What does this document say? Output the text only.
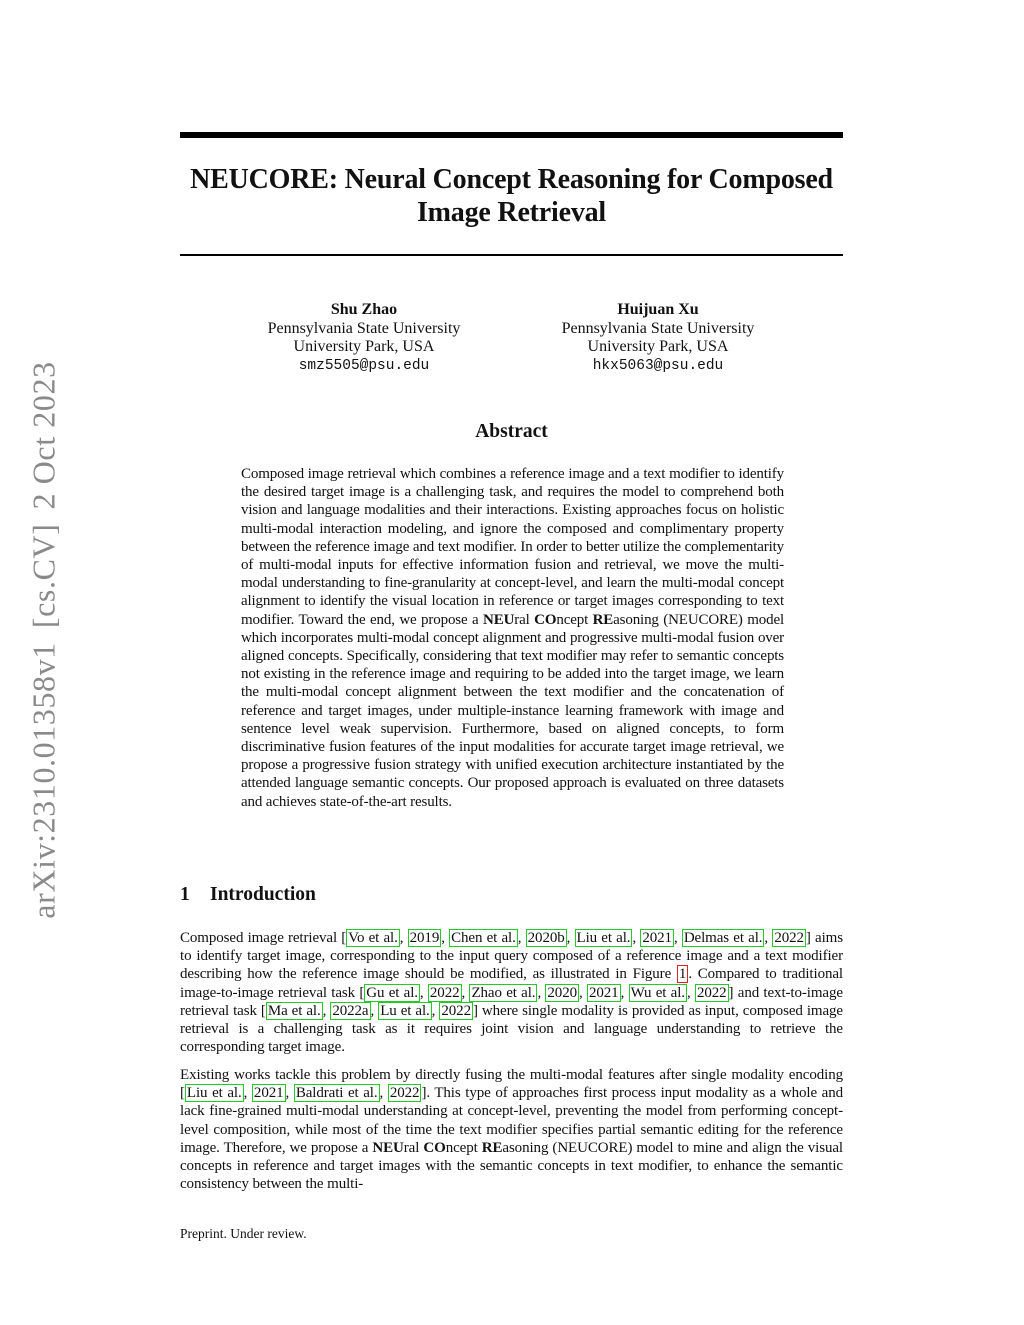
NEUCORE: Neural Concept Reasoning for Composed
Image Retrieval
arXiv:2310.01358v1[cs.CV]2 Oct 2023
Shu Zhao
Pennsylvania State University
University Park, USA
smz5505@psu.edu
Huijuan Xu
Pennsylvania State University
University Park, USA
hkx5063@psu.edu
Abstract

Composed image retrieval which combines a reference image and a text modifier to identify the desired target image is a challenging task, and requires the model to comprehend both vision and language modalities and their interactions. Existing approaches focus on holistic multi-modal interaction modeling, and ignore the composed and complimentary property between the reference image and text modifier. In order to better utilize the complementarity of multi-modal inputs for effective information fusion and retrieval, we move the multi-modal understanding to fine-granularity at concept-level, and learn the multi-modal concept alignment to identify the visual location in reference or target images corresponding to text modifier. Toward the end, we propose a NEUral COncept REasoning (NEUCORE) model which incorporates multi-modal concept alignment and progressive multi-modal fusion over aligned concepts. Specifically, considering that text modifier may refer to semantic concepts not existing in the reference image and requiring to be added into the target image, we learn the multi-modal concept alignment between the text modifier and the concatenation of reference and target images, under multiple-instance learning framework with image and sentence level weak supervision. Furthermore, based on aligned concepts, to form discriminative fusion features of the input modalities for accurate target image retrieval, we propose a progressive fusion strategy with unified execution architecture instantiated by the attended language semantic concepts. Our proposed approach is evaluated on three datasets and achieves state-of-the-art results.

1 Introduction

Composed image retrieval [ Vo et al. , 2019 , Chen et al. , 2020b , Liu et al. , 2021 , Delmas et al. , 2022 ] aims to identify target image, corresponding to the input query composed of a reference image and a text modifier describing how the reference image should be modified, as illustrated in Figure 1 . Compared to traditional image-to-image retrieval task [ Gu et al. , 2022 , Zhao et al. , 2020 , 2021 , Wu et al. , 2022 ] and text-to-image retrieval task [ Ma et al. , 2022a , Lu et al. , 2022 ] where single modality is provided as input, composed image retrieval is a challenging task as it requires joint vision and language understanding to retrieve the corresponding target image.

Existing works tackle this problem by directly fusing the multi-modal features after single modality encoding [ Liu et al. , 2021 , Baldrati et al. , 2022 ]. This type of approaches first process input modality as a whole and lack fine-grained multi-modal understanding at concept-level, preventing the model from performing concept-level composition, while most of the time the text modifier specifies partial semantic editing for the reference image. Therefore, we propose a NEUral COncept REasoning (NEUCORE) model to mine and align the visual concepts in reference and target images with the semantic concepts in text modifier, to enhance the semantic consistency between the multi-

Preprint. Under review.
